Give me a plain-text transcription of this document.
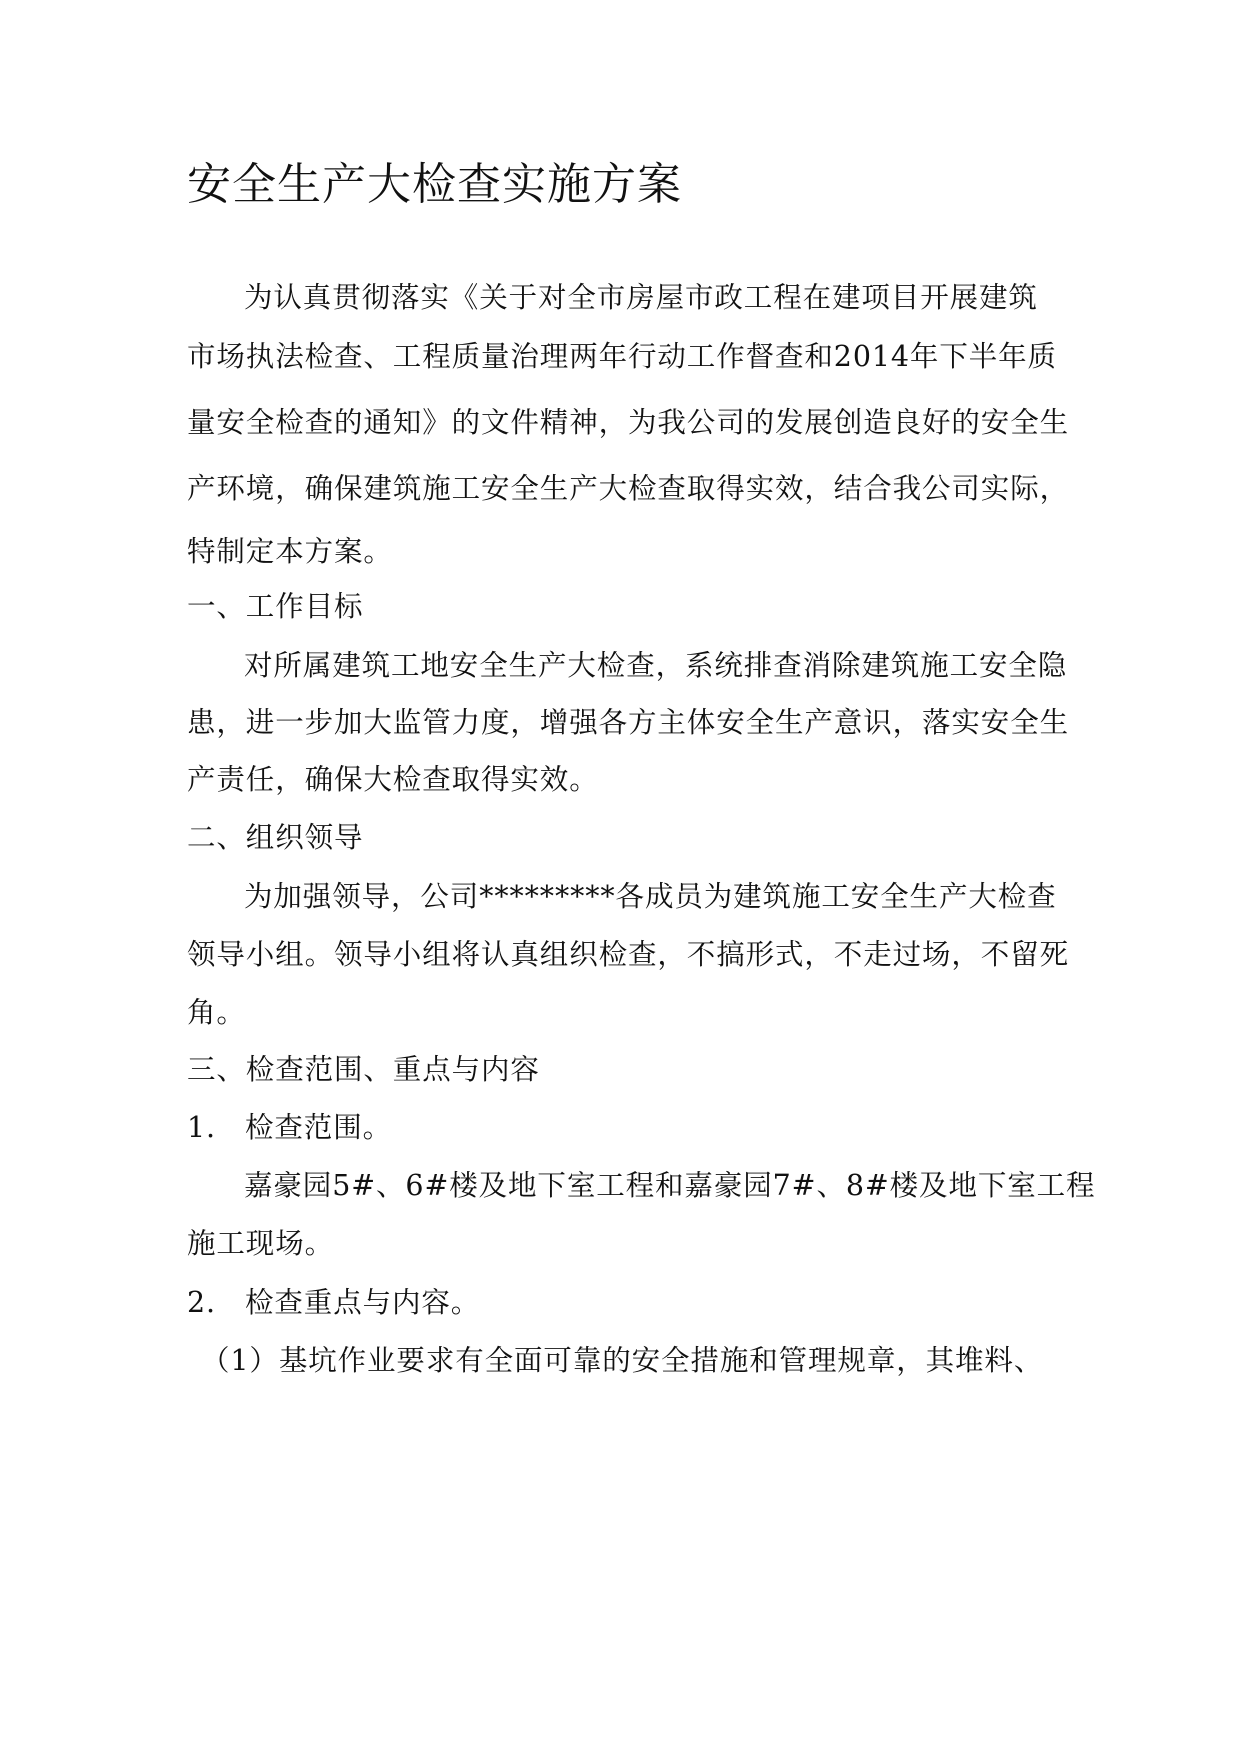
安全生产大检查实施方案
为认真贯彻落实《关于对全市房屋市政工程在建项目开展建筑
市场执法检查、工程质量治理两年行动工作督查和2014年下半年质
量安全检查的通知》的文件精神，为我公司的发展创造良好的安全生
产环境，确保建筑施工安全生产大检查取得实效，结合我公司实际，
特制定本方案。
一、工作目标
对所属建筑工地安全生产大检查，系统排查消除建筑施工安全隐
患，进一步加大监管力度，增强各方主体安全生产意识，落实安全生
产责任，确保大检查取得实效。
二、组织领导
为加强领导，公司*********各成员为建筑施工安全生产大检查
领导小组。领导小组将认真组织检查，不搞形式，不走过场，不留死
角。
三、检查范围、重点与内容
1. 检查范围。
嘉豪园5#、6#楼及地下室工程和嘉豪园7#、8#楼及地下室工程
施工现场。
2. 检查重点与内容。
（1）基坑作业要求有全面可靠的安全措施和管理规章，其堆料、
